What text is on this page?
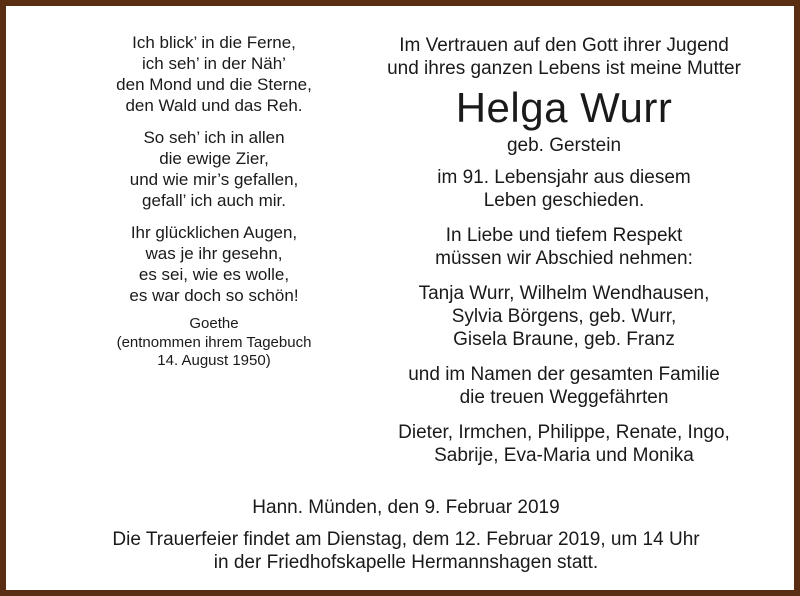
Ich blick’ in die Ferne,
ich seh’ in der Näh’
den Mond und die Sterne,
den Wald und das Reh.
So seh’ ich in allen
die ewige Zier,
und wie mir’s gefallen,
gefall’ ich auch mir.
Ihr glücklichen Augen,
was je ihr gesehn,
es sei, wie es wolle,
es war doch so schön!
Goethe
(entnommen ihrem Tagebuch
14. August 1950)
Im Vertrauen auf den Gott ihrer Jugend
und ihres ganzen Lebens ist meine Mutter
Helga Wurr
geb. Gerstein
im 91. Lebensjahr aus diesem
Leben geschieden.
In Liebe und tiefem Respekt
müssen wir Abschied nehmen:
Tanja Wurr, Wilhelm Wendhausen,
Sylvia Börgens, geb. Wurr,
Gisela Braune, geb. Franz
und im Namen der gesamten Familie
die treuen Weggefährten
Dieter, Irmchen, Philippe, Renate, Ingo,
Sabrije, Eva-Maria und Monika
Hann. Münden, den 9. Februar 2019
Die Trauerfeier findet am Dienstag, dem 12. Februar 2019, um 14 Uhr
in der Friedhofskapelle Hermannshagen statt.
